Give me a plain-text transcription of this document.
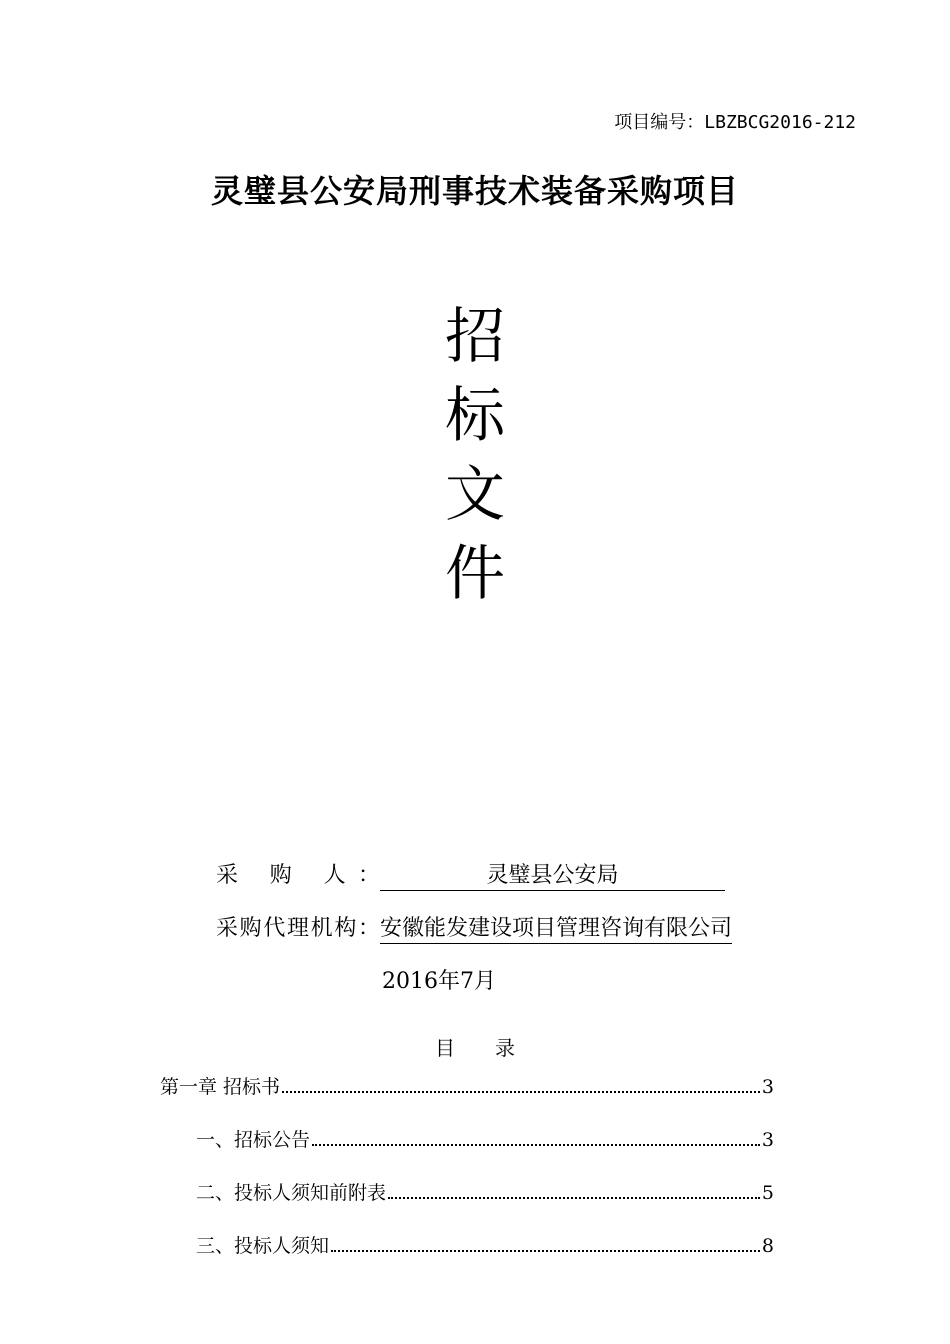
项目编号：LBZBCG2016-212
灵璧县公安局刑事技术装备采购项目
招
标
文
件
采 购 人：	灵璧县公安局
采购代理机构：安徽能发建设项目管理咨询有限公司
2016年7月
目录
第一章 招标书	3
一、招标公告	3
二、投标人须知前附表	5
三、投标人须知	8
